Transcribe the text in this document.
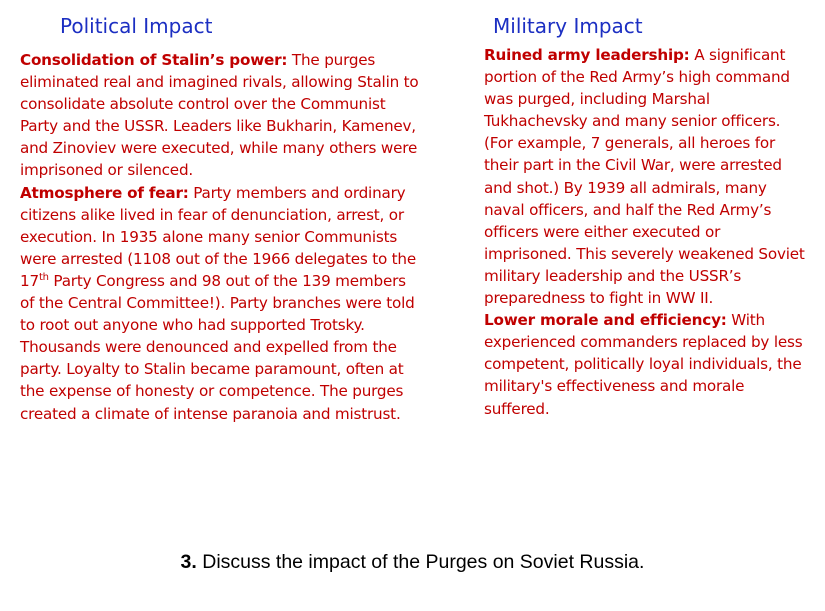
Political Impact	Military Impact

Consolidation of Stalin’s power: The purges eliminated real and imagined rivals, allowing Stalin to consolidate absolute control over the Communist Party and the USSR. Leaders like Bukharin, Kamenev, and Zinoviev were executed, while many others were imprisoned or silenced.

Atmosphere of fear: Party members and ordinary citizens alike lived in fear of denunciation, arrest, or execution. In 1935 alone many senior Communists were arrested (1108 out of the 1966 delegates to the 17th Party Congress and 98 out of the 139 members of the Central Committee!). Party branches were told to root out anyone who had supported Trotsky. Thousands were denounced and expelled from the party. Loyalty to Stalin became paramount, often at the expense of honesty or competence. The purges created a climate of intense paranoia and mistrust.

Ruined army leadership: A significant portion of the Red Army’s high command was purged, including Marshal Tukhachevsky and many senior officers. (For example, 7 generals, all heroes for their part in the Civil War, were arrested and shot.) By 1939 all admirals, many naval officers, and half the Red Army’s officers were either executed or imprisoned. This severely weakened Soviet military leadership and the USSR’s preparedness to fight in WW II.

Lower morale and efficiency: With experienced commanders replaced by less competent, politically loyal individuals, the military's effectiveness and morale suffered.

3. Discuss the impact of the Purges on Soviet Russia.
